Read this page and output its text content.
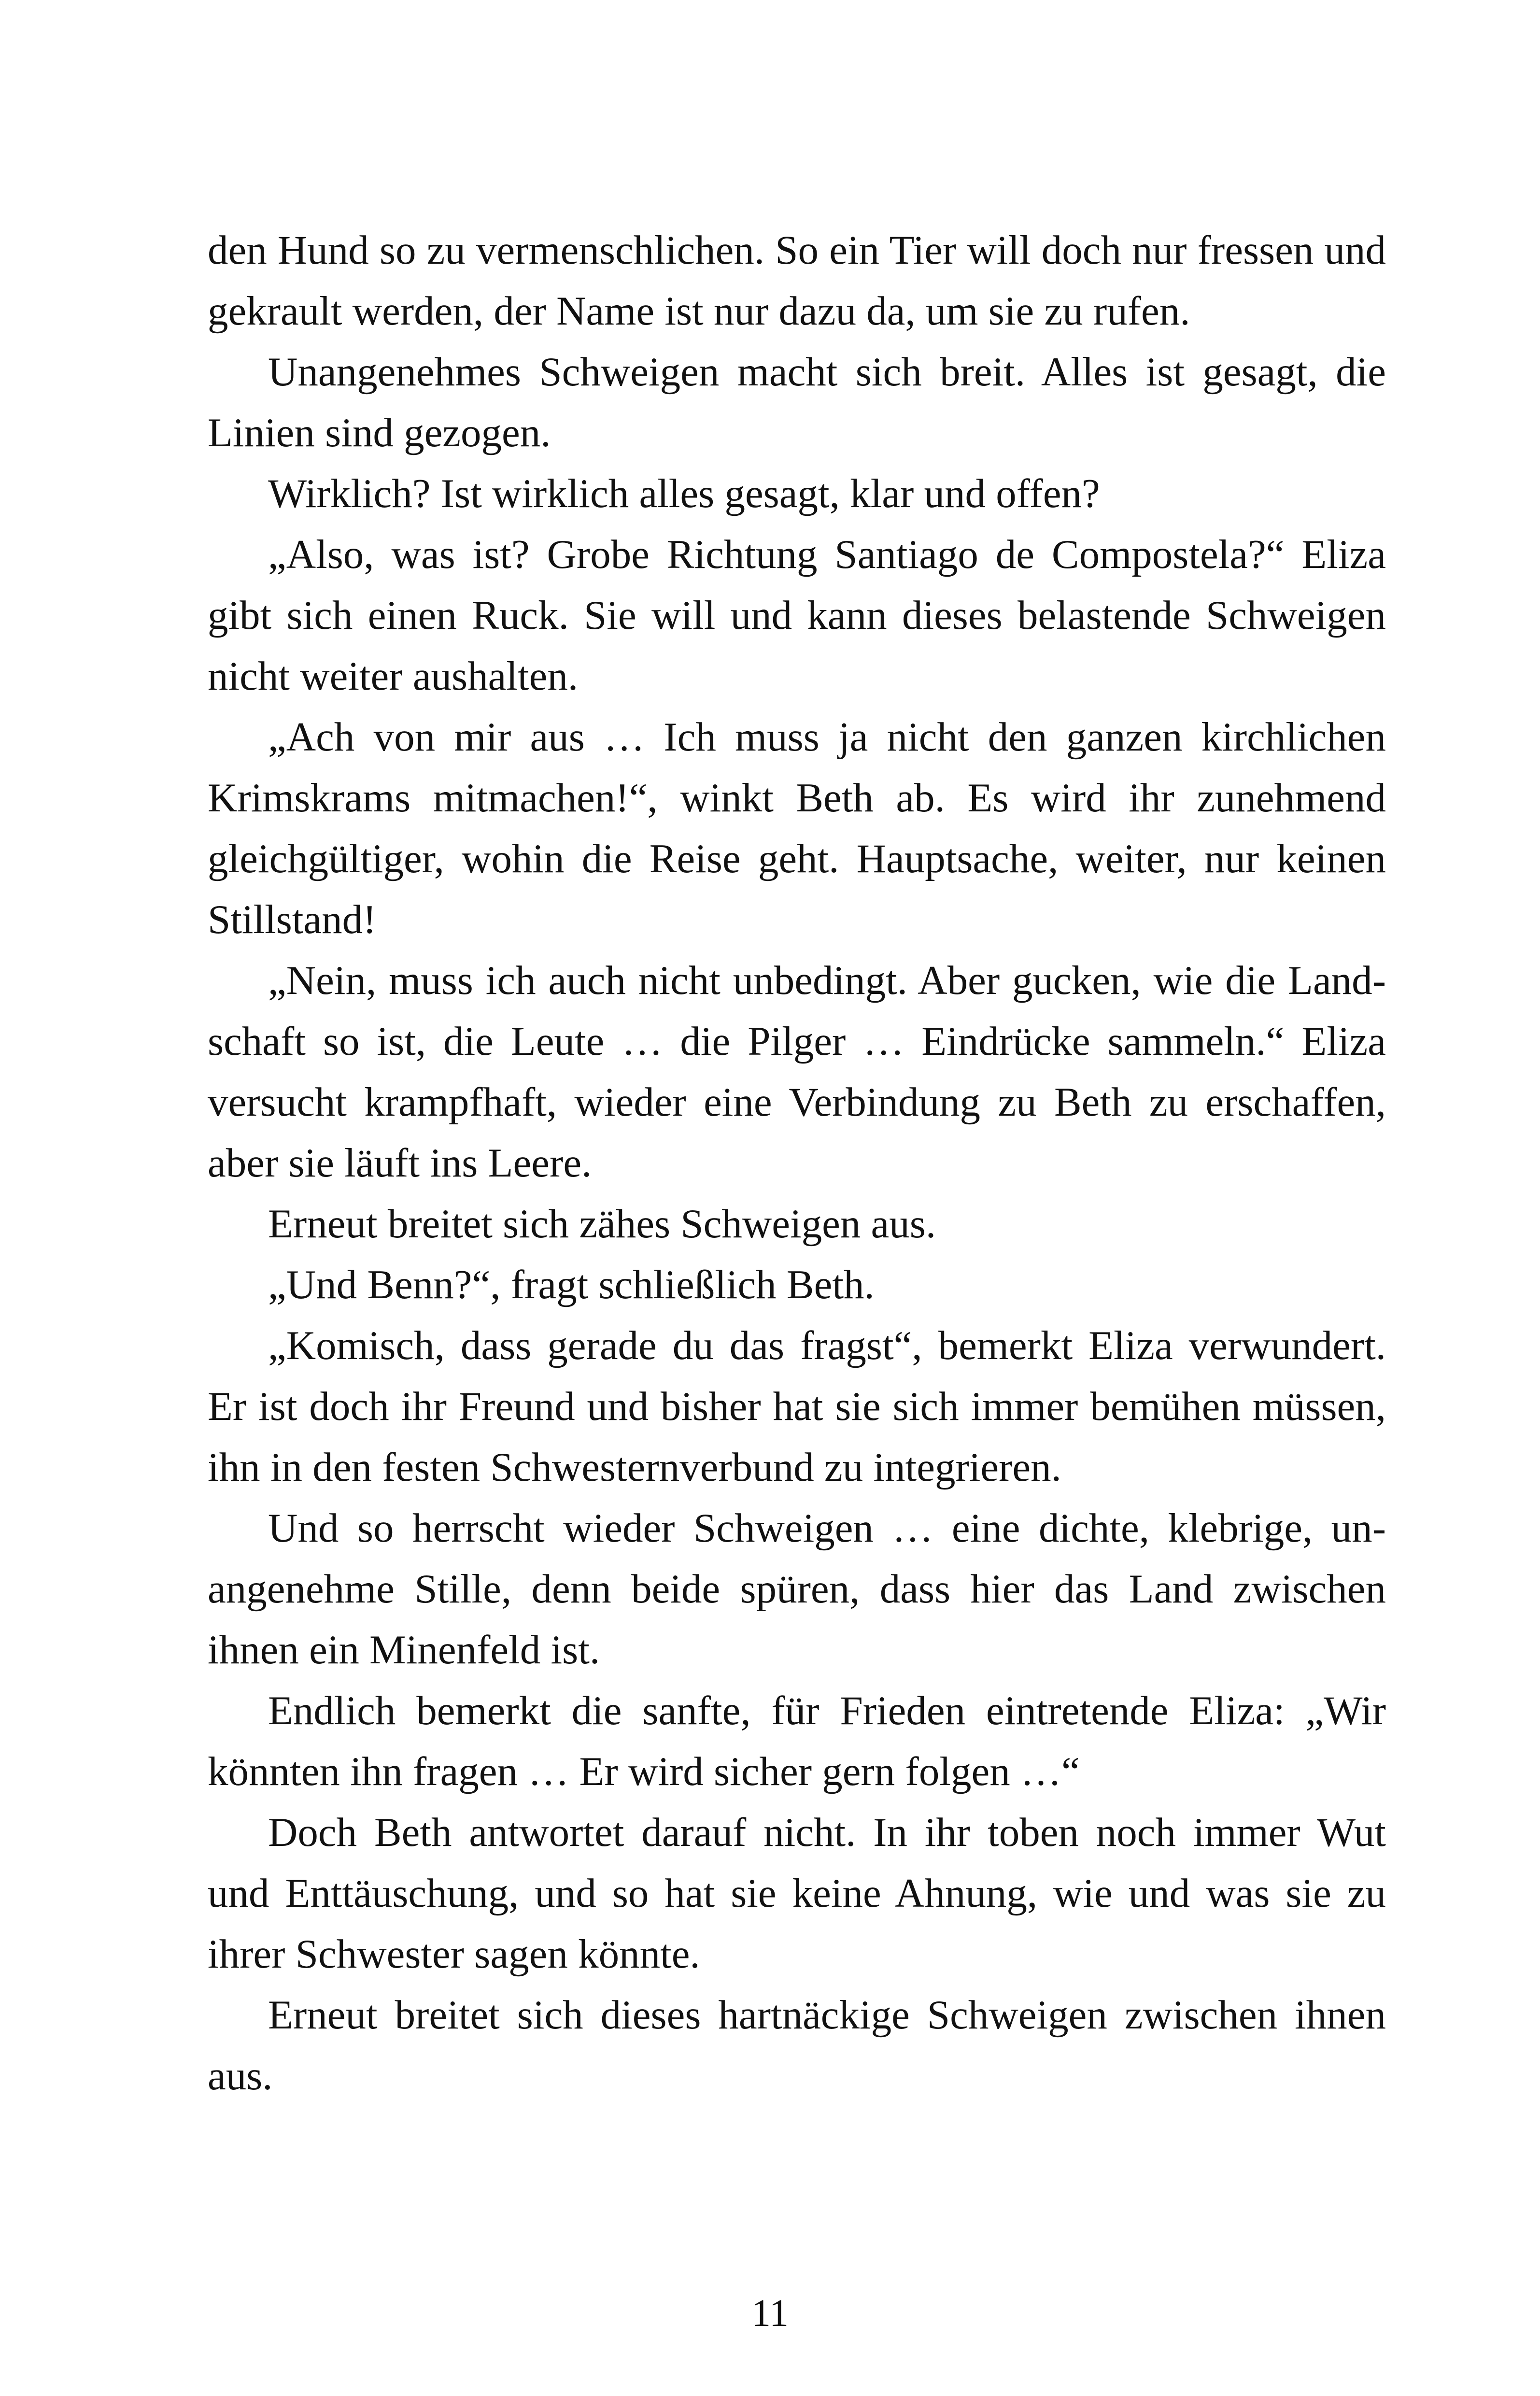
den Hund so zu vermenschlichen. So ein Tier will doch nur fressen und gekrault werden, der Name ist nur dazu da, um sie zu rufen.

Unangenehmes Schweigen macht sich breit. Alles ist gesagt, die Linien sind gezogen.

Wirklich? Ist wirklich alles gesagt, klar und offen?

„Also, was ist? Grobe Richtung Santiago de Compostela?“ Eliza gibt sich einen Ruck. Sie will und kann dieses belastende Schweigen nicht weiter aushalten.

„Ach von mir aus … Ich muss ja nicht den ganzen kirchlichen Krimskrams mitmachen!“, winkt Beth ab. Es wird ihr zunehmend gleichgültiger, wohin die Reise geht. Hauptsache, weiter, nur keinen Stillstand!

„Nein, muss ich auch nicht unbedingt. Aber gucken, wie die Landschaft so ist, die Leute … die Pilger … Eindrücke sammeln.“ Eliza versucht krampfhaft, wieder eine Verbindung zu Beth zu erschaffen, aber sie läuft ins Leere.

Erneut breitet sich zähes Schweigen aus.

„Und Benn?“, fragt schließlich Beth.

„Komisch, dass gerade du das fragst“, bemerkt Eliza verwundert. Er ist doch ihr Freund und bisher hat sie sich immer bemühen müssen, ihn in den festen Schwesternverbund zu integrieren.

Und so herrscht wieder Schweigen … eine dichte, klebrige, unangenehme Stille, denn beide spüren, dass hier das Land zwischen ihnen ein Minenfeld ist.

Endlich bemerkt die sanfte, für Frieden eintretende Eliza: „Wir könnten ihn fragen … Er wird sicher gern folgen …“

Doch Beth antwortet darauf nicht. In ihr toben noch immer Wut und Enttäuschung, und so hat sie keine Ahnung, wie und was sie zu ihrer Schwester sagen könnte.

Erneut breitet sich dieses hartnäckige Schweigen zwischen ihnen aus.

11
